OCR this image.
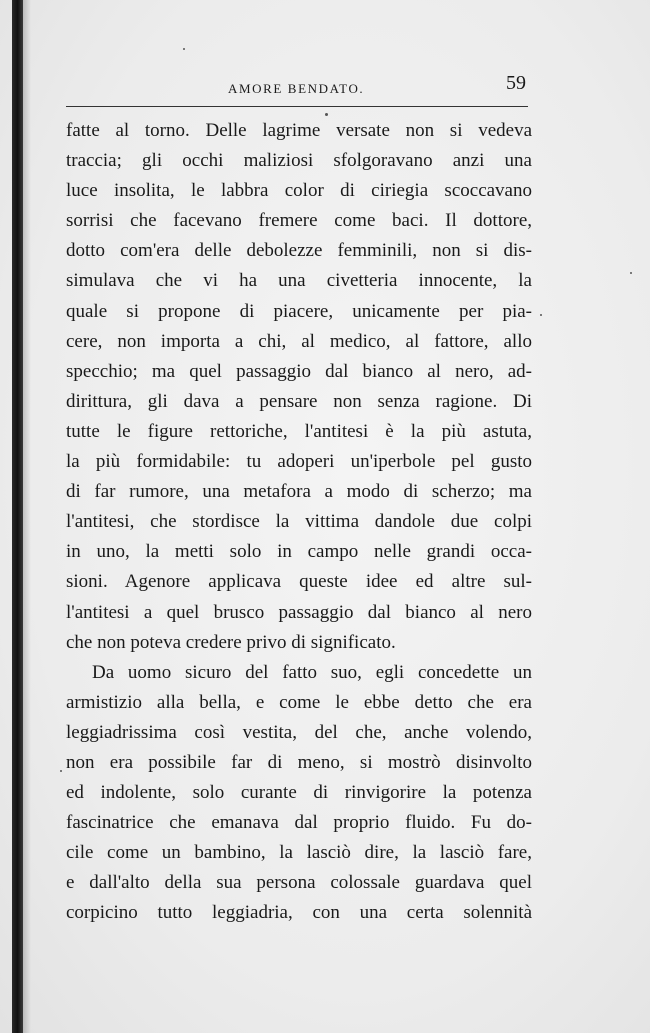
AMORE BENDATO.	59
fatte al torno. Delle lagrime versate non si vedeva
traccia; gli occhi maliziosi sfolgoravano anzi una
luce insolita, le labbra color di ciriegia scoccavano
sorrisi che facevano fremere come baci. Il dottore,
dotto com'era delle debolezze femminili, non si dis-
simulava che vi ha una civetteria innocente, la
quale si propone di piacere, unicamente per pia-
cere, non importa a chi, al medico, al fattore, allo
specchio; ma quel passaggio dal bianco al nero, ad-
dirittura, gli dava a pensare non senza ragione. Di
tutte le figure rettoriche, l'antitesi è la più astuta,
la più formidabile: tu adoperi un'iperbole pel gusto
di far rumore, una metafora a modo di scherzo; ma
l'antitesi, che stordisce la vittima dandole due colpi
in uno, la metti solo in campo nelle grandi occa-
sioni. Agenore applicava queste idee ed altre sul-
l'antitesi a quel brusco passaggio dal bianco al nero
che non poteva credere privo di significato.
Da uomo sicuro del fatto suo, egli concedette un
armistizio alla bella, e come le ebbe detto che era
leggiadrissima così vestita, del che, anche volendo,
non era possibile far di meno, si mostrò disinvolto
ed indolente, solo curante di rinvigorire la potenza
fascinatrice che emanava dal proprio fluido. Fu do-
cile come un bambino, la lasciò dire, la lasciò fare,
e dall'alto della sua persona colossale guardava quel
corpicino tutto leggiadria, con una certa solennità
